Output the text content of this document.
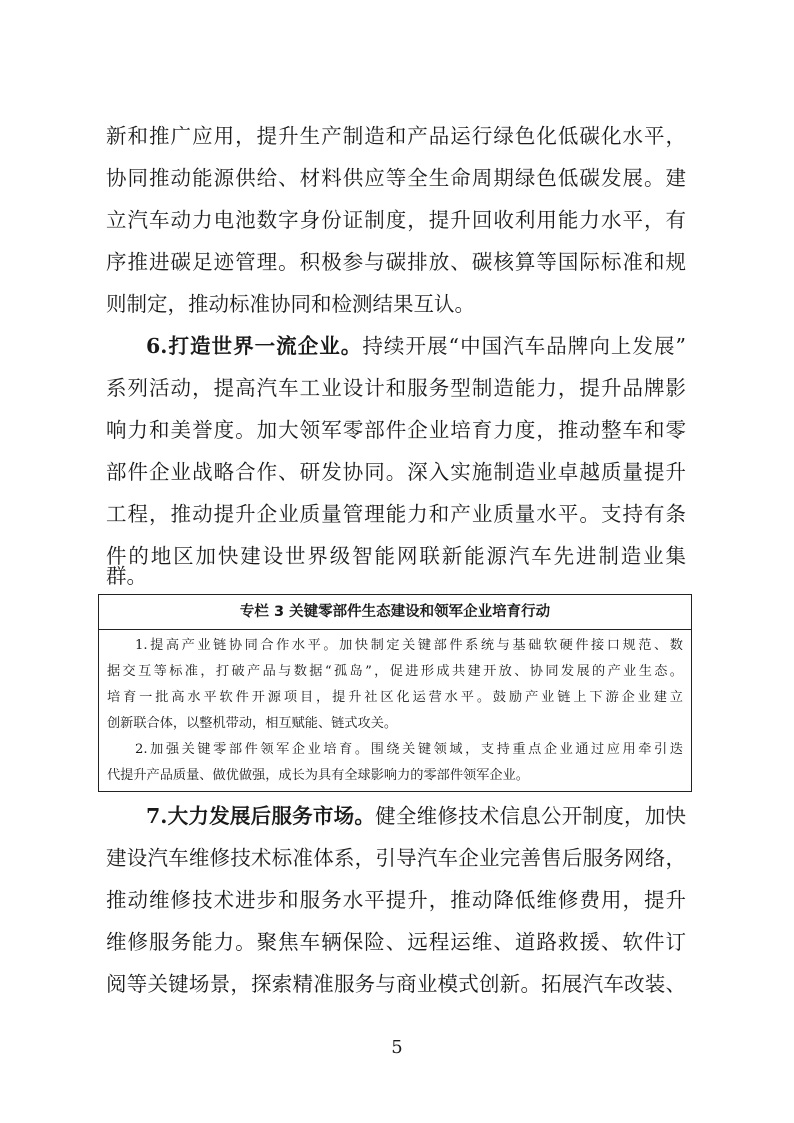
新和推广应用，提升生产制造和产品运行绿色化低碳化水平，
协同推动能源供给、材料供应等全生命周期绿色低碳发展。建
立汽车动力电池数字身份证制度，提升回收利用能力水平，有
序推进碳足迹管理。积极参与碳排放、碳核算等国际标准和规
则制定，推动标准协同和检测结果互认。
6.打造世界一流企业。持续开展“中国汽车品牌向上发展”
系列活动，提高汽车工业设计和服务型制造能力，提升品牌影
响力和美誉度。加大领军零部件企业培育力度，推动整车和零
部件企业战略合作、研发协同。深入实施制造业卓越质量提升
工程，推动提升企业质量管理能力和产业质量水平。支持有条
件的地区加快建设世界级智能网联新能源汽车先进制造业集
群。
专栏 3 关键零部件生态建设和领军企业培育行动
1.提高产业链协同合作水平。加快制定关键部件系统与基础软硬件接口规范、数
据交互等标准，打破产品与数据“孤岛”，促进形成共建开放、协同发展的产业生态。
培育一批高水平软件开源项目，提升社区化运营水平。鼓励产业链上下游企业建立
创新联合体，以整机带动，相互赋能、链式攻关。
2.加强关键零部件领军企业培育。围绕关键领域，支持重点企业通过应用牵引迭
代提升产品质量、做优做强，成长为具有全球影响力的零部件领军企业。
7.大力发展后服务市场。健全维修技术信息公开制度，加快
建设汽车维修技术标准体系，引导汽车企业完善售后服务网络，
推动维修技术进步和服务水平提升，推动降低维修费用，提升
维修服务能力。聚焦车辆保险、远程运维、道路救援、软件订
阅等关键场景，探索精准服务与商业模式创新。拓展汽车改装、
5
